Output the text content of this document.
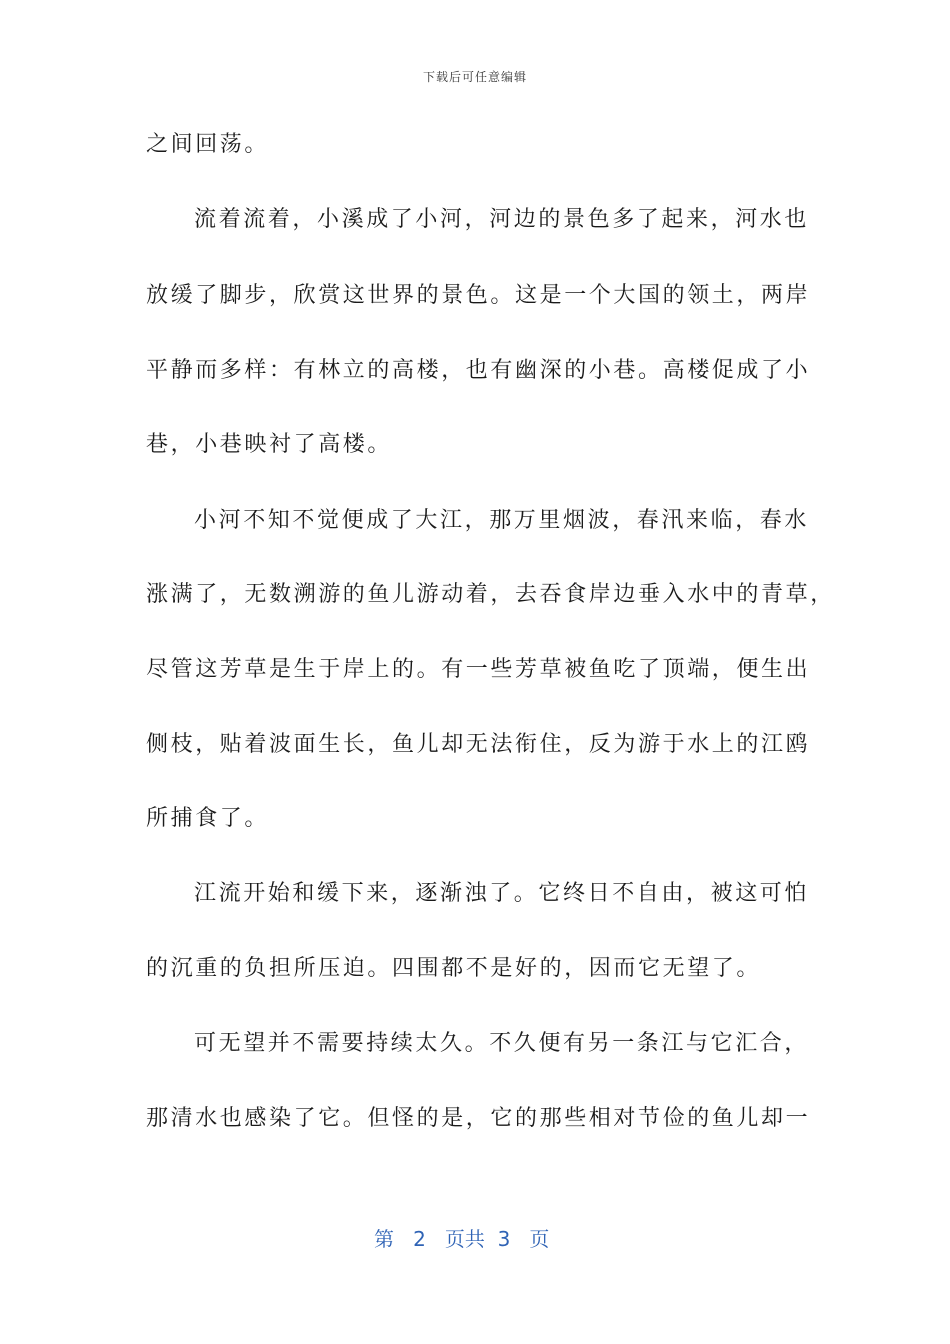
下载后可任意编辑
之间回荡。
流着流着，小溪成了小河，河边的景色多了起来，河水也
放缓了脚步，欣赏这世界的景色。这是一个大国的领土，两岸
平静而多样：有林立的高楼，也有幽深的小巷。高楼促成了小
巷，小巷映衬了高楼。
小河不知不觉便成了大江，那万里烟波，春汛来临，春水
涨满了，无数溯游的鱼儿游动着，去吞食岸边垂入水中的青草，
尽管这芳草是生于岸上的。有一些芳草被鱼吃了顶端，便生出
侧枝，贴着波面生长，鱼儿却无法衔住，反为游于水上的江鸥
所捕食了。
江流开始和缓下来，逐渐浊了。它终日不自由，被这可怕
的沉重的负担所压迫。四围都不是好的，因而它无望了。
可无望并不需要持续太久。不久便有另一条江与它汇合，
那清水也感染了它。但怪的是，它的那些相对节俭的鱼儿却一
第 2 页共 3 页
